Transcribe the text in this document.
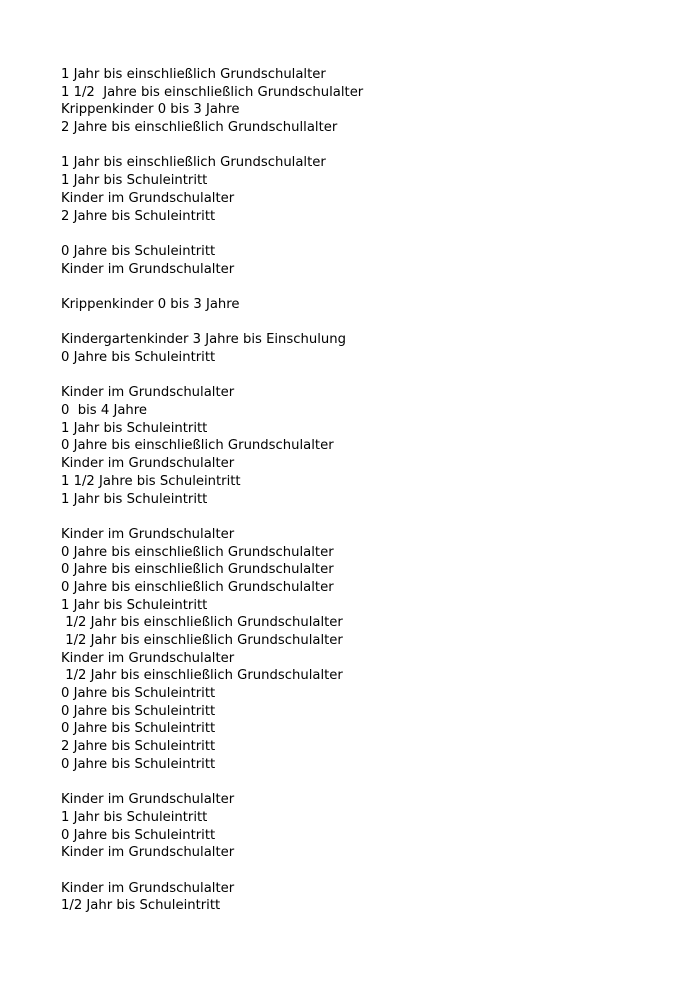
1 Jahr bis einschließlich Grundschulalter
1 1/2  Jahre bis einschließlich Grundschulalter
Krippenkinder 0 bis 3 Jahre
2 Jahre bis einschließlich Grundschullalter
1 Jahr bis einschließlich Grundschulalter
1 Jahr bis Schuleintritt
Kinder im Grundschulalter
2 Jahre bis Schuleintritt
0 Jahre bis Schuleintritt
Kinder im Grundschulalter
Krippenkinder 0 bis 3 Jahre
Kindergartenkinder 3 Jahre bis Einschulung
0 Jahre bis Schuleintritt
Kinder im Grundschulalter
0  bis 4 Jahre
1 Jahr bis Schuleintritt
0 Jahre bis einschließlich Grundschulalter
Kinder im Grundschulalter
1 1/2 Jahre bis Schuleintritt
1 Jahr bis Schuleintritt
Kinder im Grundschulalter
0 Jahre bis einschließlich Grundschulalter
0 Jahre bis einschließlich Grundschulalter
0 Jahre bis einschließlich Grundschulalter
1 Jahr bis Schuleintritt
1/2 Jahr bis einschließlich Grundschulalter
1/2 Jahr bis einschließlich Grundschulalter
Kinder im Grundschulalter
1/2 Jahr bis einschließlich Grundschulalter
0 Jahre bis Schuleintritt
0 Jahre bis Schuleintritt
0 Jahre bis Schuleintritt
2 Jahre bis Schuleintritt
0 Jahre bis Schuleintritt
Kinder im Grundschulalter
1 Jahr bis Schuleintritt
0 Jahre bis Schuleintritt
Kinder im Grundschulalter
Kinder im Grundschulalter
1/2 Jahr bis Schuleintritt
